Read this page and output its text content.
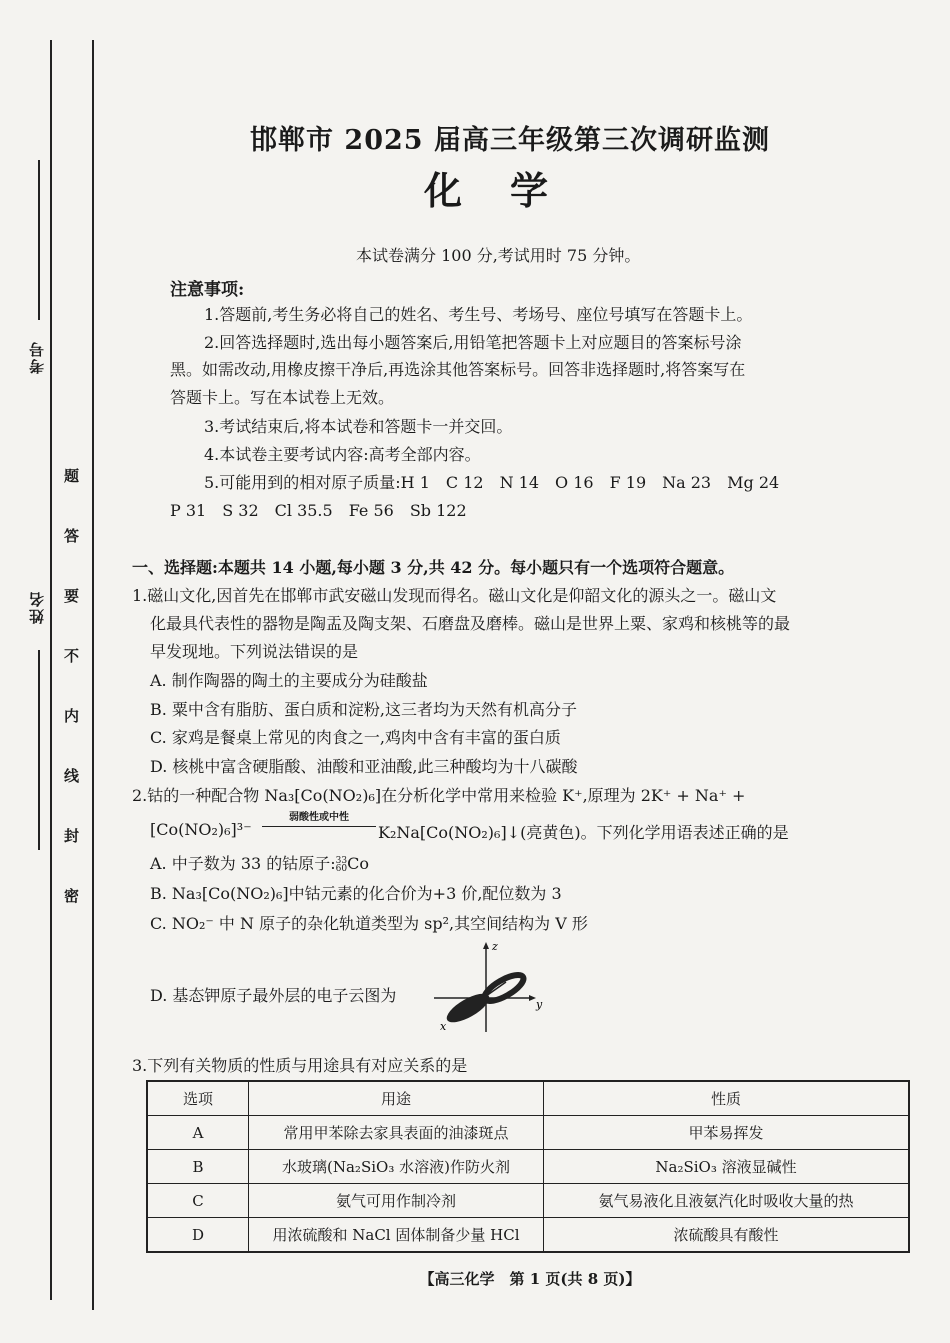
考号
姓名
题
答
要
不
内
线
封
密
邯郸市 2025 届高三年级第三次调研监测
化学
本试卷满分 100 分,考试用时 75 分钟。
注意事项:
1.答题前,考生务必将自己的姓名、考生号、考场号、座位号填写在答题卡上。
2.回答选择题时,选出每小题答案后,用铅笔把答题卡上对应题目的答案标号涂
黑。如需改动,用橡皮擦干净后,再选涂其他答案标号。回答非选择题时,将答案写在
答题卡上。写在本试卷上无效。
3.考试结束后,将本试卷和答题卡一并交回。
4.本试卷主要考试内容:高考全部内容。
5.可能用到的相对原子质量:H 1　C 12　N 14　O 16　F 19　Na 23　Mg 24
P 31　S 32　Cl 35.5　Fe 56　Sb 122
一、选择题:本题共 14 小题,每小题 3 分,共 42 分。每小题只有一个选项符合题意。
1.磁山文化,因首先在邯郸市武安磁山发现而得名。磁山文化是仰韶文化的源头之一。磁山文
化最具代表性的器物是陶盂及陶支架、石磨盘及磨棒。磁山是世界上粟、家鸡和核桃等的最
早发现地。下列说法错误的是
A. 制作陶器的陶土的主要成分为硅酸盐
B. 粟中含有脂肪、蛋白质和淀粉,这三者均为天然有机高分子
C. 家鸡是餐桌上常见的肉食之一,鸡肉中含有丰富的蛋白质
D. 核桃中富含硬脂酸、油酸和亚油酸,此三种酸均为十八碳酸
2.钴的一种配合物 Na₃[Co(NO₂)₆]在分析化学中常用来检验 K⁺,原理为 2K⁺ + Na⁺ +
[Co(NO₂)₆]³⁻
弱酸性或中性
K₂Na[Co(NO₂)₆]↓(亮黄色)。下列化学用语表述正确的是
A. 中子数为 33 的钴原子:33
60Co
B. Na₃[Co(NO₂)₆]中钴元素的化合价为+3 价,配位数为 3
C. NO₂⁻ 中 N 原子的杂化轨道类型为 sp²,其空间结构为 V 形
D. 基态钾原子最外层的电子云图为
z
y
x
3.下列有关物质的性质与用途具有对应关系的是
选项	用途	性质
A	常用甲苯除去家具表面的油漆斑点	甲苯易挥发
B	水玻璃(Na₂SiO₃ 水溶液)作防火剂	Na₂SiO₃ 溶液显碱性
C	氨气可用作制冷剂	氨气易液化且液氨汽化时吸收大量的热
D	用浓硫酸和 NaCl 固体制备少量 HCl	浓硫酸具有酸性
【高三化学　第 1 页(共 8 页)】
